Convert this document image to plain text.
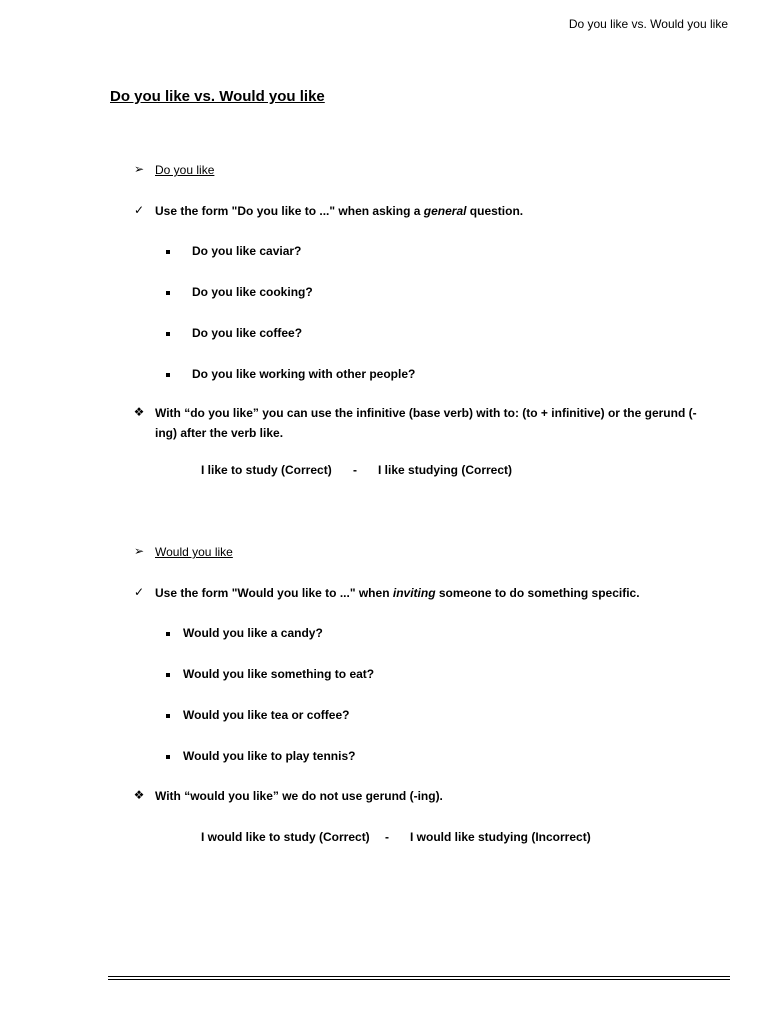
Do you like vs. Would you like
Do you like vs. Would you like
➢ Do you like
✓ Use the form "Do you like to ..." when asking a general question.
Do you like caviar?
Do you like cooking?
Do you like coffee?
Do you like working with other people?
❖ With “do you like” you can use the infinitive (base verb) with to: (to + infinitive) or the gerund (-ing) after the verb like.
I like to study (Correct) - I like studying (Correct)
➢ Would you like
✓ Use the form "Would you like to ..." when inviting someone to do something specific.
Would you like a candy?
Would you like something to eat?
Would you like tea or coffee?
Would you like to play tennis?
❖ With “would you like” we do not use gerund (-ing).
I would like to study (Correct) - I would like studying (Incorrect)
